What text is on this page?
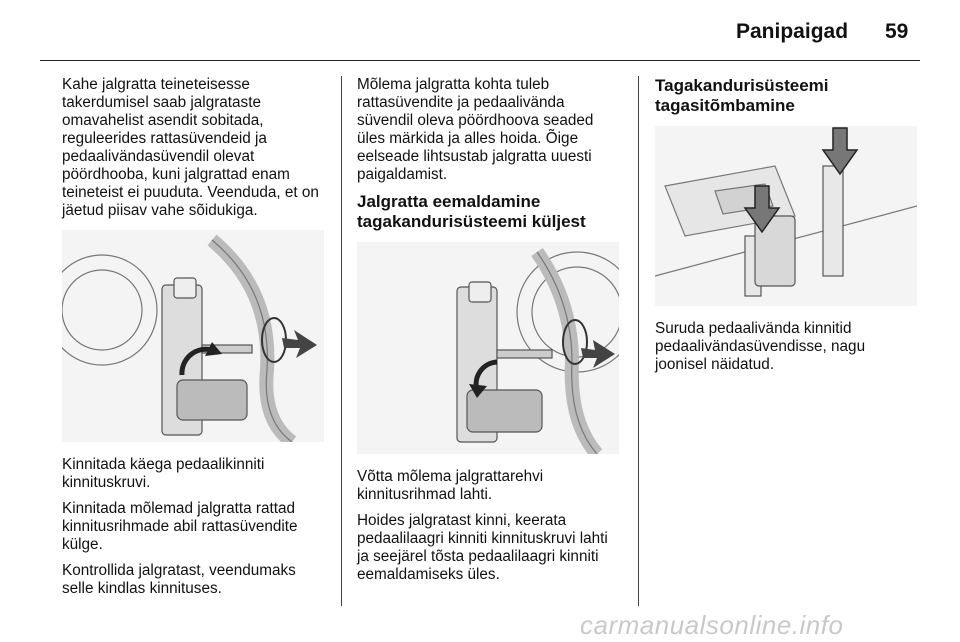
Panipaigad 59

Kahe jalgratta teineteisesse takerdumisel saab jalgrataste omavahelist asendit sobitada, reguleerides rattasüvendeid ja pedaalivändasüvendil olevat pöördhooba, kuni jalgrattad enam teineteist ei puuduta. Veenduda, et on jäetud piisav vahe sõidukiga.

Kinnitada käega pedaalikinniti kinnituskruvi.

Kinnitada mõlemad jalgratta rattad kinnitusrihmade abil rattasüvendite külge.

Kontrollida jalgratast, veendumaks selle kindlas kinnituses.

Mõlema jalgratta kohta tuleb rattasüvendite ja pedaalivända süvendil oleva pöördhoova seaded üles märkida ja alles hoida. Õige eelseade lihtsustab jalgratta uuesti paigaldamist.

Jalgratta eemaldamine tagakandurisüsteemi küljest

Võtta mõlema jalgrattarehvi kinnitusrihmad lahti.

Hoides jalgratast kinni, keerata pedaalilaagri kinniti kinnituskruvi lahti ja seejärel tõsta pedaalilaagri kinniti eemaldamiseks üles.

Tagakandurisüsteemi tagasitõmbamine

Suruda pedaalivända kinnitid pedaalivändasüvendisse, nagu joonisel näidatud.

carmanualsonline.info
